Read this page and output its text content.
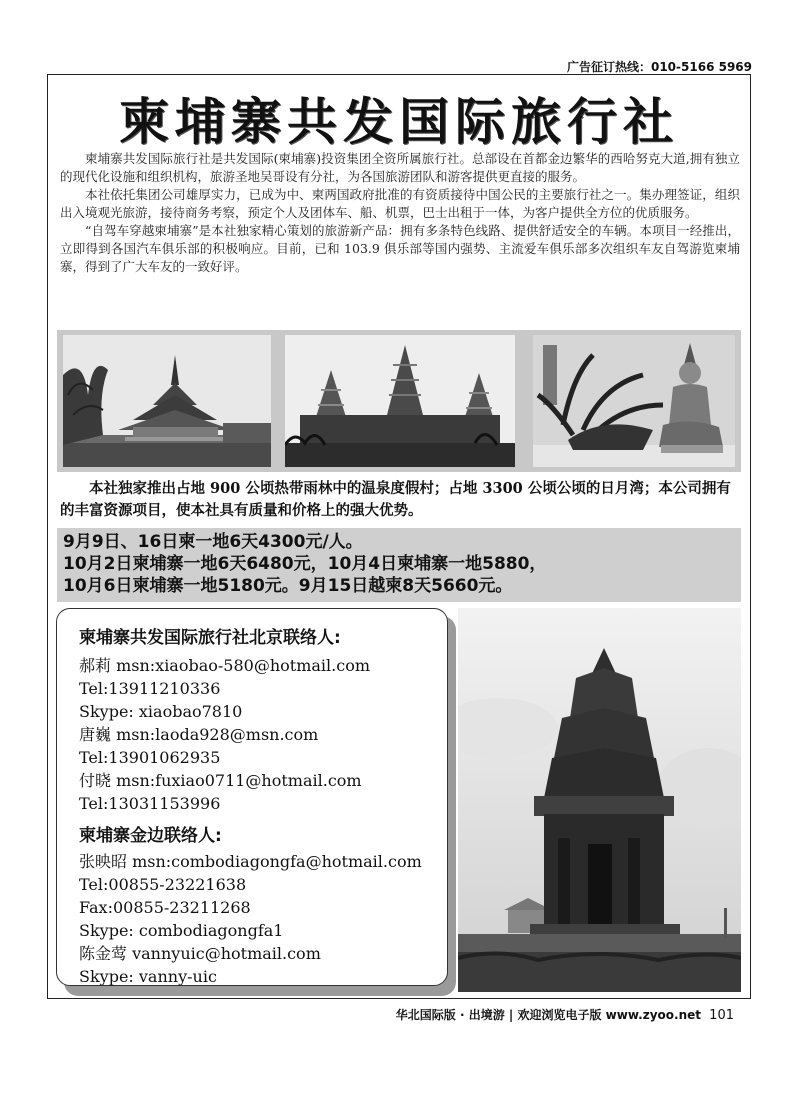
广告征订热线：010-5166 5969
柬埔寨共发国际旅行社

柬埔寨共发国际旅行社是共发国际(柬埔寨)投资集团全资所属旅行社。总部设在首都金边繁华的西哈努克大道,拥有独立的现代化设施和组织机构，旅游圣地吴哥设有分社，为各国旅游团队和游客提供更直接的服务。

本社依托集团公司雄厚实力，已成为中、柬两国政府批准的有资质接待中国公民的主要旅行社之一。集办理签证，组织出入境观光旅游，接待商务考察，预定个人及团体车、船、机票，巴士出租于一体，为客户提供全方位的优质服务。

“自驾车穿越柬埔寨”是本社独家精心策划的旅游新产品：拥有多条特色线路、提供舒适安全的车辆。本项目一经推出，立即得到各国汽车俱乐部的积极响应。目前，已和 103.9 俱乐部等国内强势、主流爱车俱乐部多次组织车友自驾游览柬埔寨，得到了广大车友的一致好评。

本社独家推出占地 900 公顷热带雨林中的温泉度假村；占地 3300 公顷公顷的日月湾；本公司拥有的丰富资源项目，使本社具有质量和价格上的强大优势。

9月9日、16日柬一地6天4300元/人。
10月2日柬埔寨一地6天6480元，10月4日柬埔寨一地5880，
10月6日柬埔寨一地5180元。9月15日越柬8天5660元。
柬埔寨共发国际旅行社北京联络人:
郝莉 msn:xiaobao-580@hotmail.com
Tel:13911210336
Skype: xiaobao7810
唐巍 msn:laoda928@msn.com
Tel:13901062935
付晓 msn:fuxiao0711@hotmail.com
Tel:13031153996
柬埔寨金边联络人:
张映昭 msn:combodiagongfa@hotmail.com
Tel:00855-23221638
Fax:00855-23211268
Skype: combodiagongfa1
陈金莺 vannyuic@hotmail.com
Skype: vanny-uic
华北国际版 · 出境游 | 欢迎浏览电子版 www.zyoo.net 101
